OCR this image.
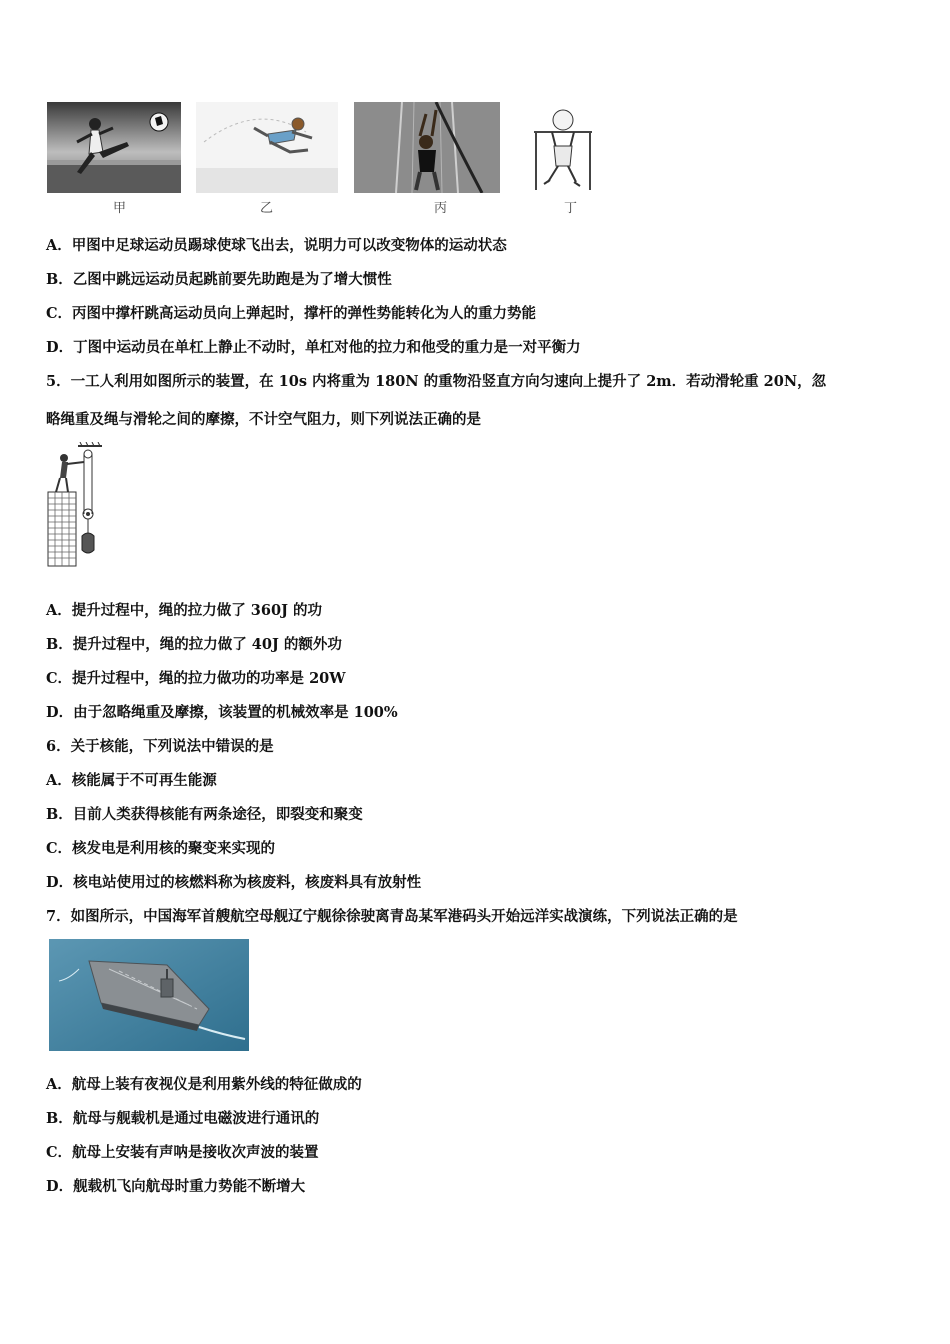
甲	乙	丙	丁
A．甲图中足球运动员踢球使球飞出去，说明力可以改变物体的运动状态
B．乙图中跳远运动员起跳前要先助跑是为了增大惯性
C．丙图中撑杆跳高运动员向上弹起时，撑杆的弹性势能转化为人的重力势能
D．丁图中运动员在单杠上静止不动时，单杠对他的拉力和他受的重力是一对平衡力
5．一工人利用如图所示的装置，在 10s 内将重为 180N 的重物沿竖直方向匀速向上提升了 2m．若动滑轮重 20N，忽
略绳重及绳与滑轮之间的摩擦，不计空气阻力，则下列说法正确的是
A．提升过程中，绳的拉力做了 360J 的功
B．提升过程中，绳的拉力做了 40J 的额外功
C．提升过程中，绳的拉力做功的功率是 20W
D．由于忽略绳重及摩擦，该装置的机械效率是 100%
6．关于核能，下列说法中错误的是
A．核能属于不可再生能源
B．目前人类获得核能有两条途径，即裂变和聚变
C．核发电是利用核的聚变来实现的
D．核电站使用过的核燃料称为核废料，核废料具有放射性
7．如图所示，中国海军首艘航空母舰辽宁舰徐徐驶离青岛某军港码头开始远洋实战演练，下列说法正确的是
A．航母上装有夜视仪是利用紫外线的特征做成的
B．航母与舰载机是通过电磁波进行通讯的
C．航母上安装有声呐是接收次声波的装置
D．舰载机飞向航母时重力势能不断增大
